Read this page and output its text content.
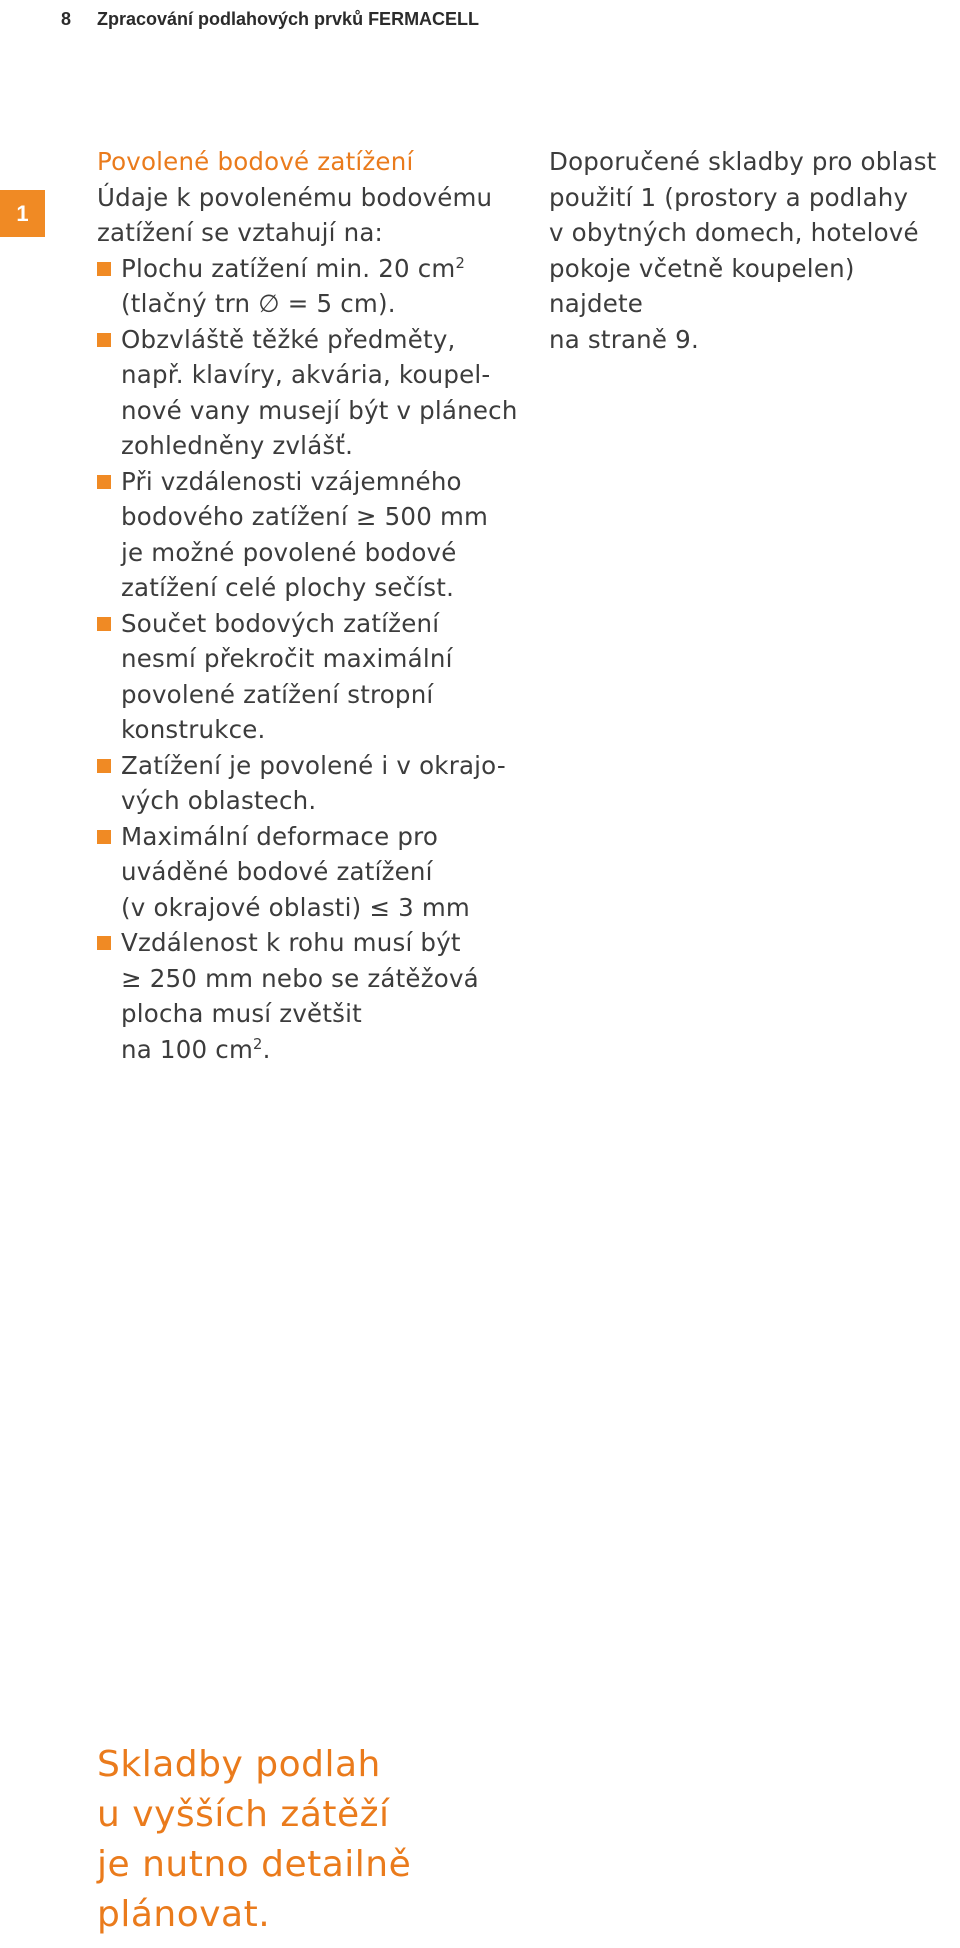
8	Zpracování podlahových prvků FERMACELL
1
Povolené bodové zatížení
Údaje k povolenému bodovému
zatížení se vztahují na:
Plochu zatížení min. 20 $cm^2$
(tlačný trn ∅ = 5 cm).
Obzvláště těžké předměty,
např. klavíry, akvária, koupel-
nové vany musejí být v plánech
zohledněny zvlášť.
Při vzdálenosti vzájemného
bodového zatížení ≥ 500 mm
je možné povolené bodové
zatížení celé plochy sečíst.
Součet bodových zatížení
nesmí překročit maximální
povolené zatížení stropní
konstrukce.
Zatížení je povolené i v okrajo-
vých oblastech.
Maximální deformace pro
uváděné bodové zatížení
(v okrajové oblasti) ≤ 3 mm
Vzdálenost k rohu musí být
≥ 250 mm nebo se zátěžová
plocha musí zvětšit
na 100 $cm^2$.
Doporučené skladby pro oblast
použití 1 (prostory a podlahy
v obytných domech, hotelové
pokoje včetně koupelen) najdete
na straně 9.
Skladby podlah
u vyšších zátěží
je nutno detailně
plánovat.
